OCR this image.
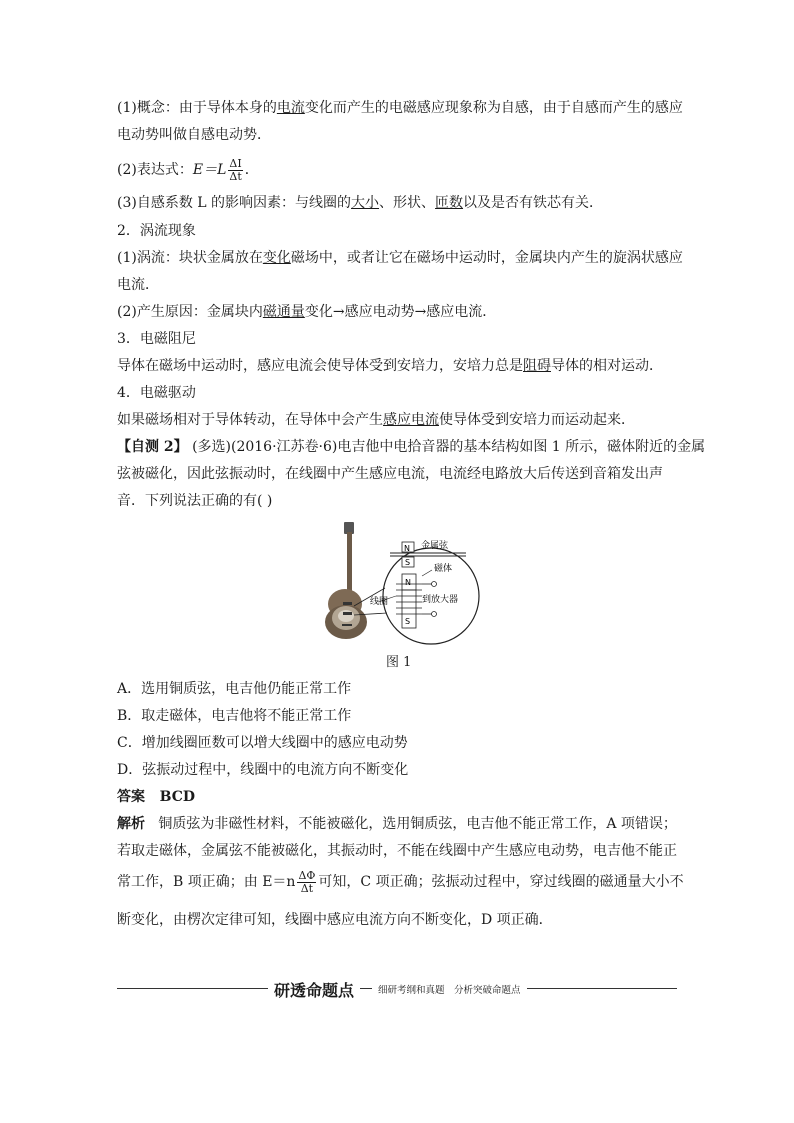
(1)概念：由于导体本身的电流变化而产生的电磁感应现象称为自感，由于自感而产生的感应
电动势叫做自感电动势．
(2)表达式：$E=L \frac{\Delta I}{\Delta t}$ ．
(3)自感系数 L 的影响因素：与线圈的大小、形状、匝数以及是否有铁芯有关．
2．涡流现象
(1)涡流：块状金属放在变化磁场中，或者让它在磁场中运动时，金属块内产生的旋涡状感应
电流．
(2)产生原因：金属块内磁通量变化→感应电动势→感应电流．
3．电磁阻尼
导体在磁场中运动时，感应电流会使导体受到安培力，安培力总是阻碍导体的相对运动．
4．电磁驱动
如果磁场相对于导体转动，在导体中会产生感应电流使导体受到安培力而运动起来．
【自测 2】 (多选)(2016·江苏卷·6)电吉他中电拾音器的基本结构如图 1 所示，磁体附近的金属
弦被磁化，因此弦振动时，在线圈中产生感应电流，电流经电路放大后传送到音箱发出声
音．下列说法正确的有( )
N
S
N
S
金属弦
磁体
线圈	到放大器
图 1
A．选用铜质弦，电吉他仍能正常工作
B．取走磁体，电吉他将不能正常工作
C．增加线圈匝数可以增大线圈中的感应电动势
D．弦振动过程中，线圈中的电流方向不断变化
答案 BCD
解析 铜质弦为非磁性材料，不能被磁化，选用铜质弦，电吉他不能正常工作，A 项错误；
若取走磁体，金属弦不能被磁化，其振动时，不能在线圈中产生感应电动势，电吉他不能正
常工作，B 项正确；由 $E=n \frac{\Delta\Phi}{\Delta t}$ 可知，C 项正确；弦振动过程中，穿过线圈的磁通量大小不
断变化，由楞次定律可知，线圈中感应电流方向不断变化，D 项正确．
研透命题点	细研考纲和真题　分析突破命题点
